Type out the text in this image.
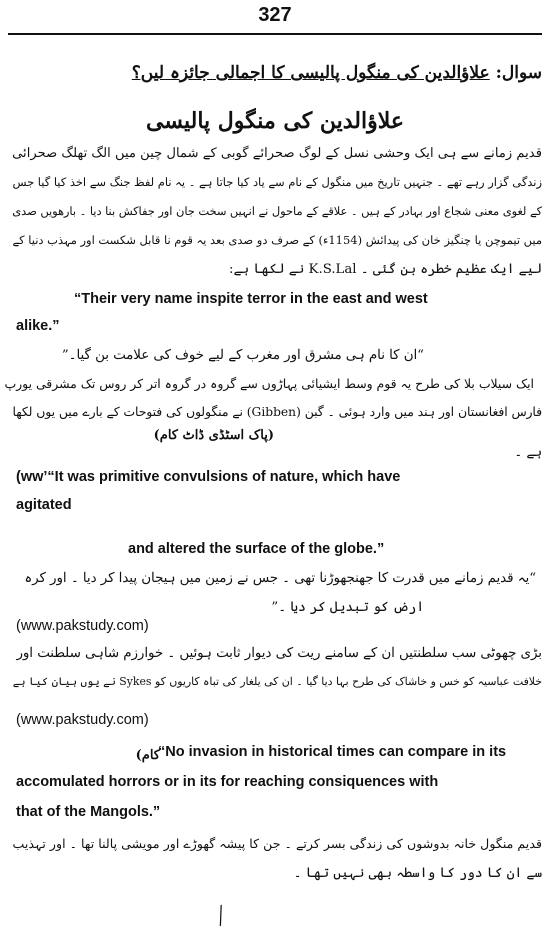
327
سوال: علاؤالدین کی منگول پالیسی کا اجمالی جائزہ لیں؟
علاؤالدین کی منگول پالیسی
قدیم زمانے سے ہی ایک وحشی نسل کے لوگ صحرائے گوبی کے شمال چین میں الگ تھلگ صحرائی
زندگی گزار رہے تھے ۔ جنہیں تاریخ میں منگول کے نام سے یاد کیا جاتا ہے ۔ یہ نام لفظ جنگ سے اخذ کیا گیا جس
کے لغوی معنی شجاع اور بہادر کے ہیں ۔ علاقے کے ماحول نے انہیں سخت جان اور جفاکش بنا دیا ۔ بارھویں صدی
میں تیموچن یا چنگیز خان کی پیدائش (1154ء) کے صرف دو صدی بعد یہ قوم نا قابل شکست اور مہذب دنیا کے
لیے ایک عظیم خطرہ بن گئی ۔ K.S.Lal نے لکھا ہے:
“Their very name inspite terror in the east and west
alike.”
“ان کا نام ہی مشرق اور مغرب کے لیے خوف کی علامت بن گیا۔”
ایک سیلاب بلا کی طرح یہ قوم وسط ایشیائی پہاڑوں سے گروہ در گروہ اتر کر روس تک مشرقی یورپ
فارس افغانستان اور ہند میں وارد ہوئی ۔ گبن (Gibben) نے منگولوں کی فتوحات کے بارے میں یوں لکھا
ہے ۔
(پاک اسٹڈی ڈاٹ کام)
(ww’“It was primitive convulsions of nature, which have
agitated
and altered the surface of the globe.”
“یہ قدیم زمانے میں قدرت کا جھنجھوڑنا تھی ۔ جس نے زمین میں ہیجان پیدا کر دیا ۔ اور کرہ
ارض کو تبدیل کر دیا ۔”
(www.pakstudy.com)
بڑی چھوٹی سب سلطنتیں ان کے سامنے ریت کی دیوار ثابت ہوئیں ۔ خوارزم شاہی سلطنت اور
خلافت عباسیہ کو خس و خاشاک کی طرح بہا دیا گیا ۔ ان کی یلغار کی تباہ کاریوں کو Sykes نے یوں بیان کیا ہے
(www.pakstudy.com)
کام)
“No invasion in historical times can compare in its
accomulated horrors or in its for reaching consiquences with
that of the Mangols.”
قدیم منگول خانہ بدوشوں کی زندگی بسر کرتے ۔ جن کا پیشہ گھوڑے اور مویشی پالنا تھا ۔ اور تہذیب
سے ان کا دور کا واسطہ بھی نہیں تھا ۔
╱
